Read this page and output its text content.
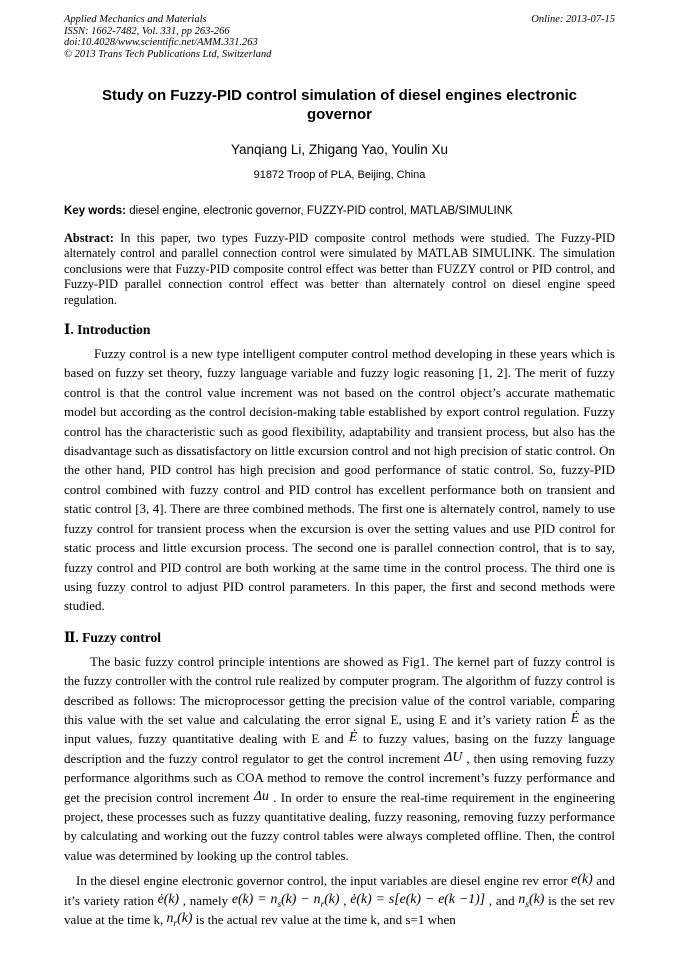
Applied Mechanics and Materials	Online: 2013-07-15
ISSN: 1662-7482, Vol. 331, pp 263-266
doi:10.4028/www.scientific.net/AMM.331.263
© 2013 Trans Tech Publications Ltd, Switzerland
Study on Fuzzy-PID control simulation of diesel engines electronic governor
Yanqiang Li, Zhigang Yao, Youlin Xu
91872 Troop of PLA, Beijing, China

Key words: diesel engine, electronic governor, FUZZY-PID control, MATLAB/SIMULINK

Abstract: In this paper, two types Fuzzy-PID composite control methods were studied. The Fuzzy-PID alternately control and parallel connection control were simulated by MATLAB SIMULINK. The simulation conclusions were that Fuzzy-PID composite control effect was better than FUZZY control or PID control, and Fuzzy-PID parallel connection control effect was better than alternately control on diesel engine speed regulation.

Ⅰ. Introduction

Fuzzy control is a new type intelligent computer control method developing in these years which is based on fuzzy set theory, fuzzy language variable and fuzzy logic reasoning [1, 2]. The merit of fuzzy control is that the control value increment was not based on the control object’s accurate mathematic model but according as the control decision-making table established by export control regulation. Fuzzy control has the characteristic such as good flexibility, adaptability and transient process, but also has the disadvantage such as dissatisfactory on little excursion control and not high precision of static control. On the other hand, PID control has high precision and good performance of static control. So, fuzzy-PID control combined with fuzzy control and PID control has excellent performance both on transient and static control [3, 4]. There are three combined methods. The first one is alternately control, namely to use fuzzy control for transient process when the excursion is over the setting values and use PID control for static process and little excursion process. The second one is parallel connection control, that is to say, fuzzy control and PID control are both working at the same time in the control process. The third one is using fuzzy control to adjust PID control parameters. In this paper, the first and second methods were studied.

Ⅱ. Fuzzy control

The basic fuzzy control principle intentions are showed as Fig1. The kernel part of fuzzy control is the fuzzy controller with the control rule realized by computer program. The algorithm of fuzzy control is described as follows: The microprocessor getting the precision value of the control variable, comparing this value with the set value and calculating the error signal E, using E and it’s variety ration Ė as the input values, fuzzy quantitative dealing with E and Ė to fuzzy values, basing on the fuzzy language description and the fuzzy control regulator to get the control increment ΔU , then using removing fuzzy performance algorithms such as COA method to remove the control increment’s fuzzy performance and get the precision control increment Δu . In order to ensure the real-time requirement in the engineering project, these processes such as fuzzy quantitative dealing, fuzzy reasoning, removing fuzzy performance by calculating and working out the fuzzy control tables were always completed offline. Then, the control value was determined by looking up the control tables.

In the diesel engine electronic governor control, the input variables are diesel engine rev error e(k) and it’s variety ration ė(k) , namely $e(k) = n_s(k) - n_r(k)$ , ė(k) = s[e(k) − e(k −1)] , and $n_s(k)$ is the set rev value at the time k, $n_r(k)$ is the actual rev value at the time k, and s=1 when
